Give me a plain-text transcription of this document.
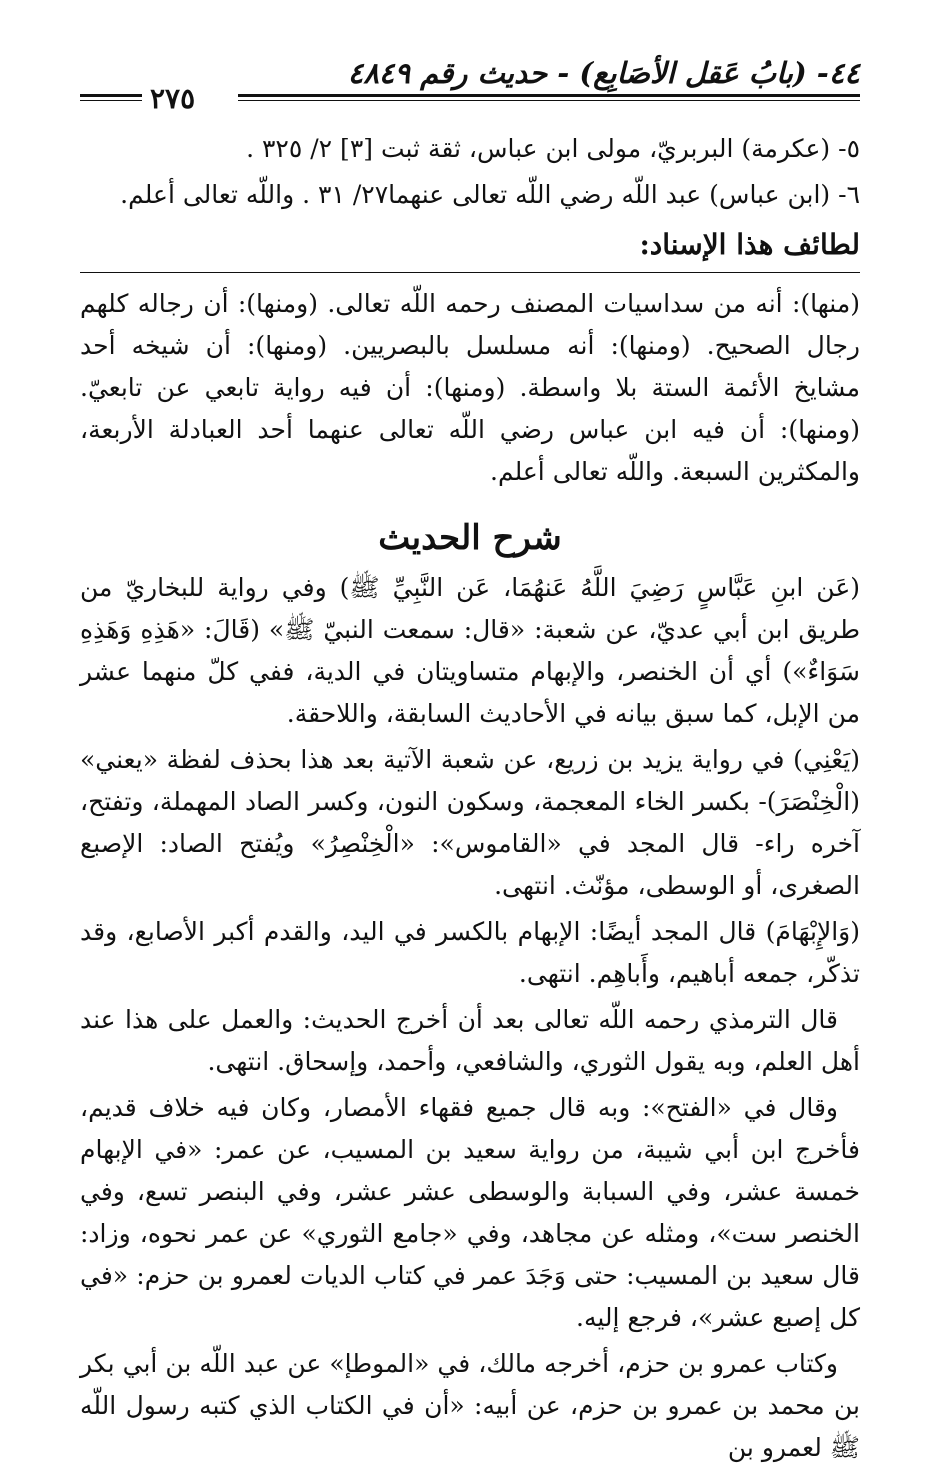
٤٤- (بابُ عَقل الأصَابِع) - حديث رقم ٤٨٤٩
٢٧٥

٥- (عكرمة) البربريّ، مولى ابن عباس، ثقة ثبت [٣] ٢/ ٣٢٥ .

٦- (ابن عباس) عبد اللّه رضي اللّه تعالى عنهما٢٧/ ٣١ . واللّه تعالى أعلم.

لطائف هذا الإسناد:

(منها): أنه من سداسيات المصنف رحمه اللّه تعالى. (ومنها): أن رجاله كلهم رجال الصحيح. (ومنها): أنه مسلسل بالبصريين. (ومنها): أن شيخه أحد مشايخ الأئمة الستة بلا واسطة. (ومنها): أن فيه رواية تابعي عن تابعيّ. (ومنها): أن فيه ابن عباس رضي اللّه تعالى عنهما أحد العبادلة الأربعة، والمكثرين السبعة. واللّه تعالى أعلم.

شرح الحديث

(عَن ابنِ عَبَّاسٍ رَضِيَ اللَّهُ عَنهُمَا، عَن النَّبِيِّ ﷺ) وفي رواية للبخاريّ من طريق ابن أبي عديّ، عن شعبة: «قال: سمعت النبيّ ﷺ» (قَالَ: «هَذِهِ وَهَذِهِ سَوَاءٌ») أي أن الخنصر، والإبهام متساويتان في الدية، ففي كلّ منهما عشر من الإبل، كما سبق بيانه في الأحاديث السابقة، واللاحقة.

(يَعْنِي) في رواية يزيد بن زريع، عن شعبة الآتية بعد هذا بحذف لفظة «يعني» (الْخِنْصَرَ)- بكسر الخاء المعجمة، وسكون النون، وكسر الصاد المهملة، وتفتح، آخره راء- قال المجد في «القاموس»: «الْخِنْصِرُ» ويُفتح الصاد: الإصبع الصغرى، أو الوسطى، مؤنّث. انتهى.

(وَالإِبْهَامَ) قال المجد أيضًا: الإبهام بالكسر في اليد، والقدم أكبر الأصابع، وقد تذكّر، جمعه أباهيم، وأَباهِم. انتهى.

قال الترمذي رحمه اللّه تعالى بعد أن أخرج الحديث: والعمل على هذا عند أهل العلم، وبه يقول الثوري، والشافعي، وأحمد، وإسحاق. انتهى.

وقال في «الفتح»: وبه قال جميع فقهاء الأمصار، وكان فيه خلاف قديم، فأخرج ابن أبي شيبة، من رواية سعيد بن المسيب، عن عمر: «في الإبهام خمسة عشر، وفي السبابة والوسطى عشر عشر، وفي البنصر تسع، وفي الخنصر ست»، ومثله عن مجاهد، وفي «جامع الثوري» عن عمر نحوه، وزاد: قال سعيد بن المسيب: حتى وَجَدَ عمر في كتاب الديات لعمرو بن حزم: «في كل إصبع عشر»، فرجع إليه.

وكتاب عمرو بن حزم، أخرجه مالك، في «الموطإ» عن عبد اللّه بن أبي بكر بن محمد بن عمرو بن حزم، عن أبيه: «أن في الكتاب الذي كتبه رسول اللّه ﷺ لعمرو بن
